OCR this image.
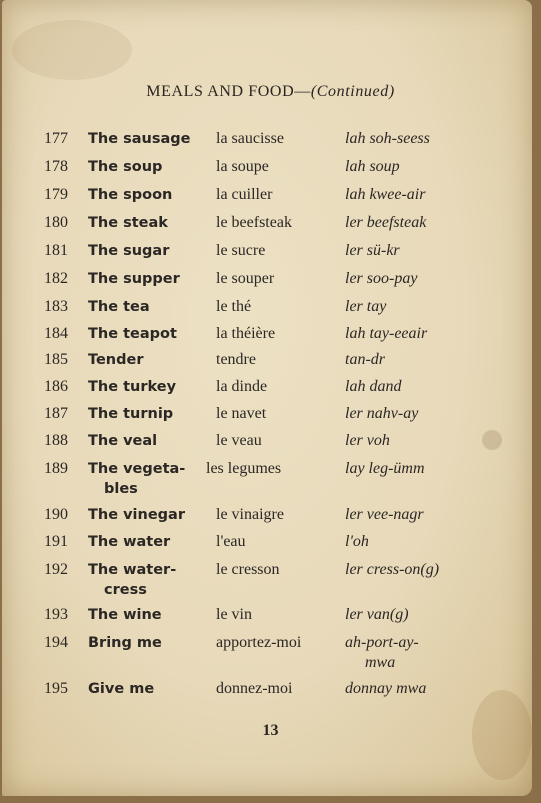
MEALS AND FOOD—(Continued)
177 The sausage	la saucisse	lah soh-seess
178 The soup	la soupe	lah soup
179 The spoon	la cuiller	lah kwee-air
180 The steak	le beefsteak	ler beefsteak
181 The sugar	le sucre	ler sü-kr
182 The supper	le souper	ler soo-pay
183 The tea	le thé	ler tay
184 The teapot	la théière	lah tay-eeair
185 Tender	tendre	tan-dr
186 The turkey	la dinde	lah dand
187 The turnip	le navet	ler nahv-ay
188 The veal	le veau	ler voh
189 The vegeta-
bles
les legumes	lay leg-ümm
190 The vinegar	le vinaigre	ler vee-nagr
191 The water	l'eau	l'oh
192 The water-
cress
le cresson	ler cress-on(g)
193 The wine	le vin	ler van(g)
194 Bring me	apportez-moi	ah-port-ay-
mwa
195 Give me	donnez-moi	donnay mwa
13
